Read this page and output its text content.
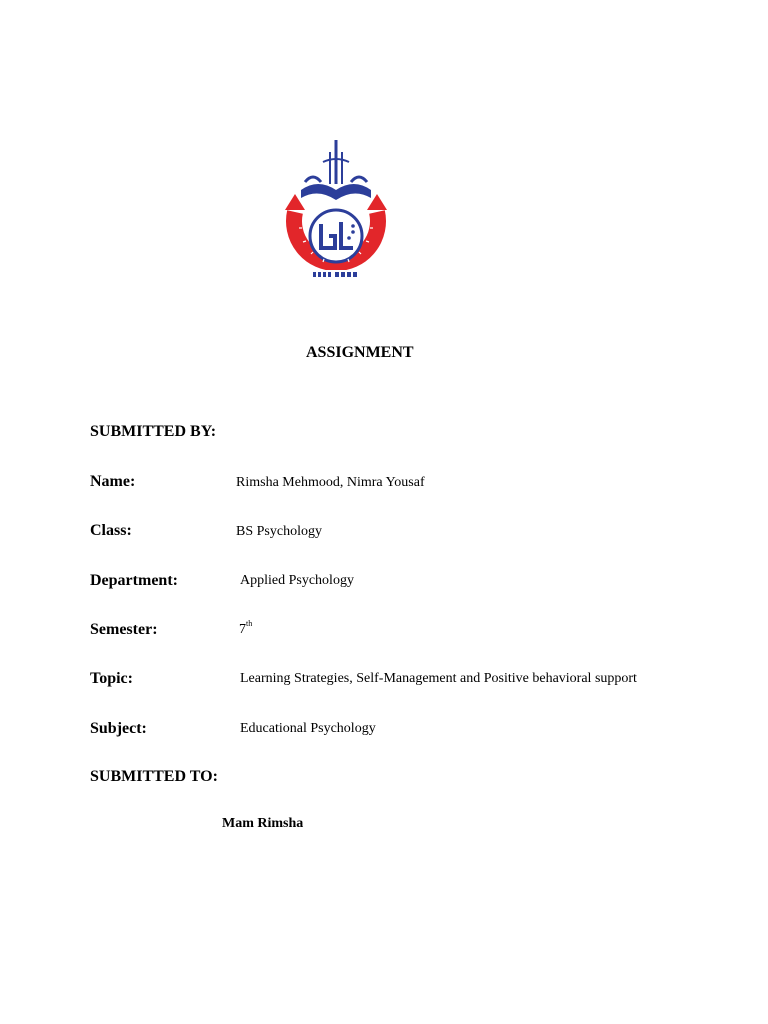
ASSIGNMENT
SUBMITTED BY:
Name:	Rimsha Mehmood, Nimra Yousaf
Class:	BS Psychology
Department:	Applied Psychology
Semester:	7th
Topic:	Learning Strategies, Self-Management and Positive behavioral support
Subject:	Educational Psychology
SUBMITTED TO:
Mam Rimsha
